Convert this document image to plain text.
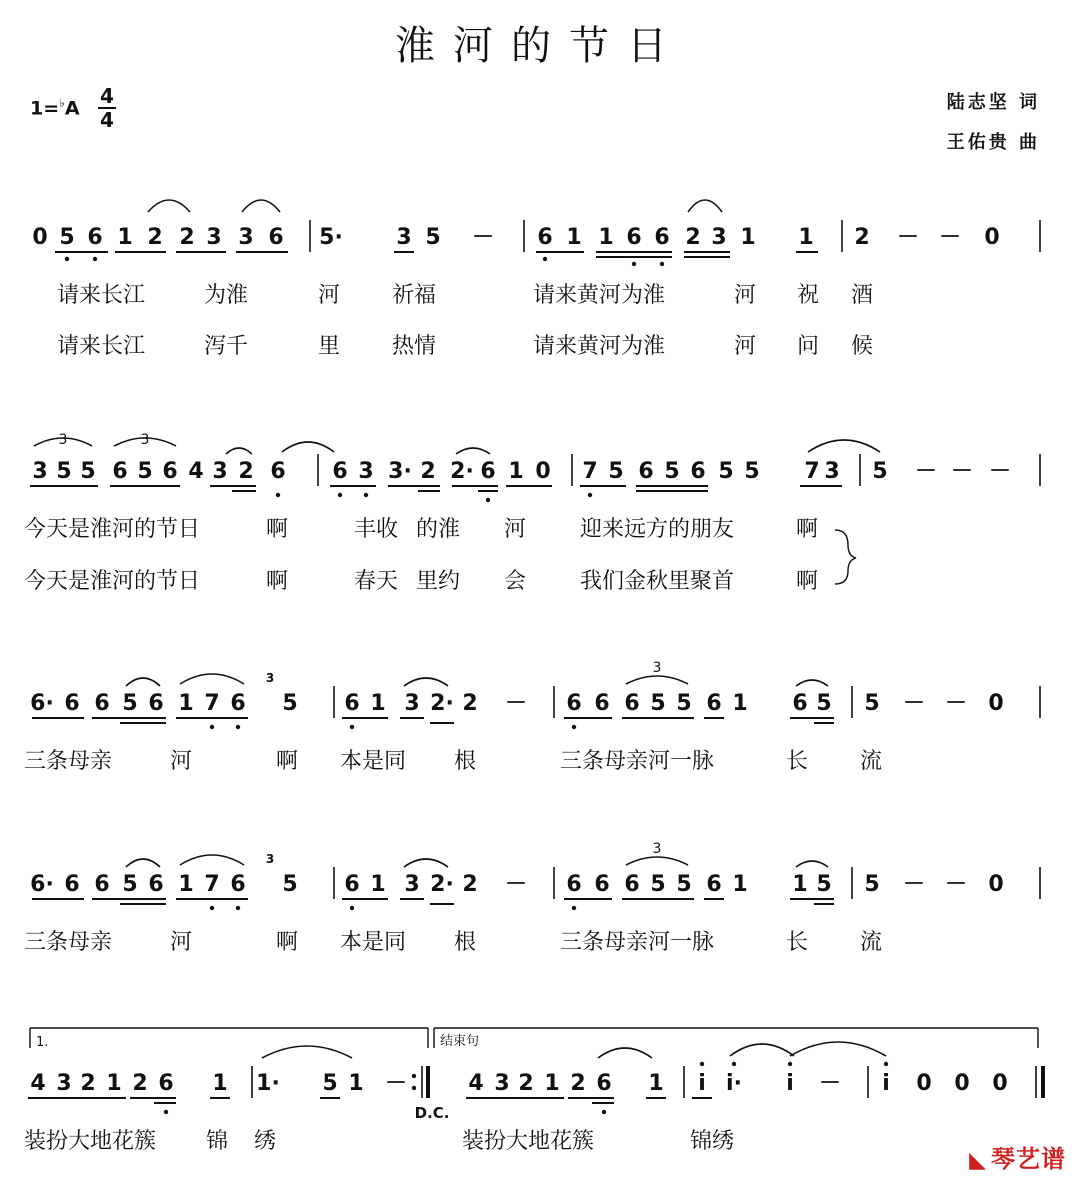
淮河的节日
1=♭A
4
4
陆志坚 词
王佑贵 曲
0 5 6 1 2 2 3 3 6 5· 3 5 － 6 1 1 6 6 2 3 1 1 2 － － 0
请来长江	为淮	河 祈福	请来黄河为淮	河 祝 酒
请来长江	泻千	里 热情	请来黄河为淮	河 问 候
3 5 5 6 5 6 4 3 2 6
3	3
6 3 3· 2 2· 6 1 0 7 5 6 5 6 5 5 7 3 5 － － －
今天是淮河的节日	啊	丰收 的淮 河 迎来远方的朋友	啊
今天是淮河的节日	啊	春天 里约 会 我们金秋里聚首	啊
6· 6 6 5 6 1 7 6 5
3
6 1 3 2· 2 － 6 6 6 5 5 6 1 6 5
3
5 － － 0
三条母亲	河	啊 本是同 根	三条母亲河一脉	长 流
6· 6 6 5 6 1 7 6 5
3
6 1 3 2· 2 － 6 6 6 5 5 6 1 1 5
3
5 － － 0
三条母亲	河	啊 本是同 根	三条母亲河一脉	长 流
1.	结束句
4 3 2 1 2 6 1 1· 5 1 －
D.C.
4 3 2 1 2 6 1 i i· i － i 0 0 0
装扮大地花簇 锦 绣	装扮大地花簇	锦绣
◣ 琴艺谱
